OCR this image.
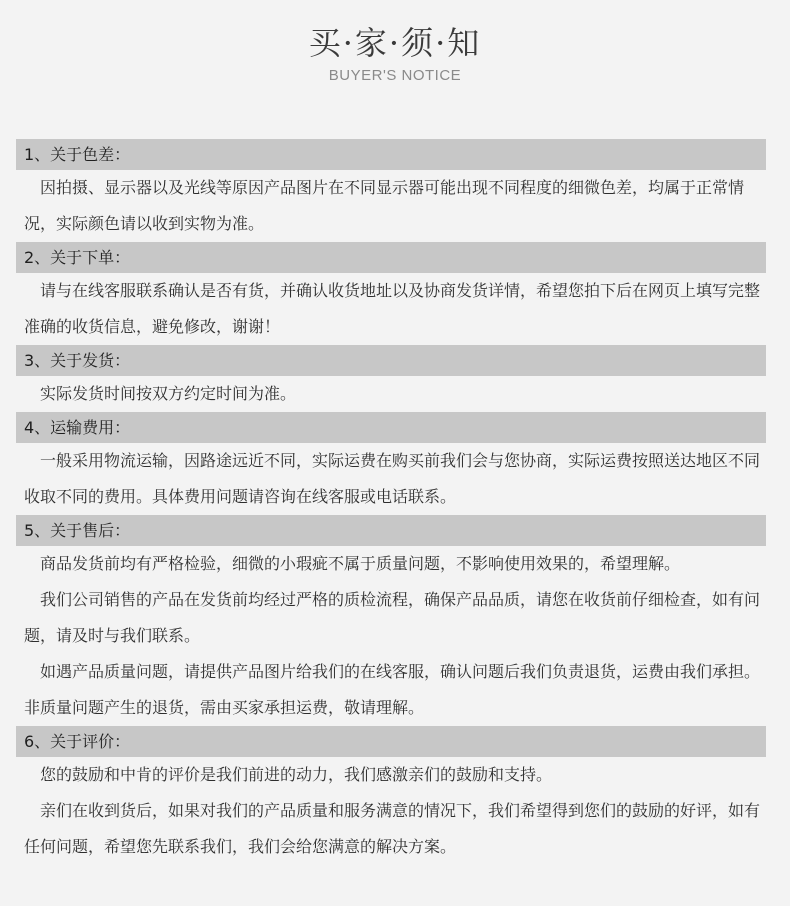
买·家·须·知
BUYER'S NOTICE
1、关于色差：
因拍摄、显示器以及光线等原因产品图片在不同显示器可能出现不同程度的细微色差，均属于正常情况，实际颜色请以收到实物为准。
2、关于下单：
请与在线客服联系确认是否有货，并确认收货地址以及协商发货详情，希望您拍下后在网页上填写完整准确的收货信息，避免修改，谢谢！
3、关于发货：
实际发货时间按双方约定时间为准。
4、运输费用：
一般采用物流运输，因路途远近不同，实际运费在购买前我们会与您协商，实际运费按照送达地区不同收取不同的费用。具体费用问题请咨询在线客服或电话联系。
5、关于售后：
商品发货前均有严格检验，细微的小瑕疵不属于质量问题，不影响使用效果的，希望理解。
我们公司销售的产品在发货前均经过严格的质检流程，确保产品品质，请您在收货前仔细检查，如有问题，请及时与我们联系。
如遇产品质量问题，请提供产品图片给我们的在线客服，确认问题后我们负责退货，运费由我们承担。非质量问题产生的退货，需由买家承担运费，敬请理解。
6、关于评价：
您的鼓励和中肯的评价是我们前进的动力，我们感激亲们的鼓励和支持。
亲们在收到货后，如果对我们的产品质量和服务满意的情况下，我们希望得到您们的鼓励的好评，如有任何问题，希望您先联系我们，我们会给您满意的解决方案。
